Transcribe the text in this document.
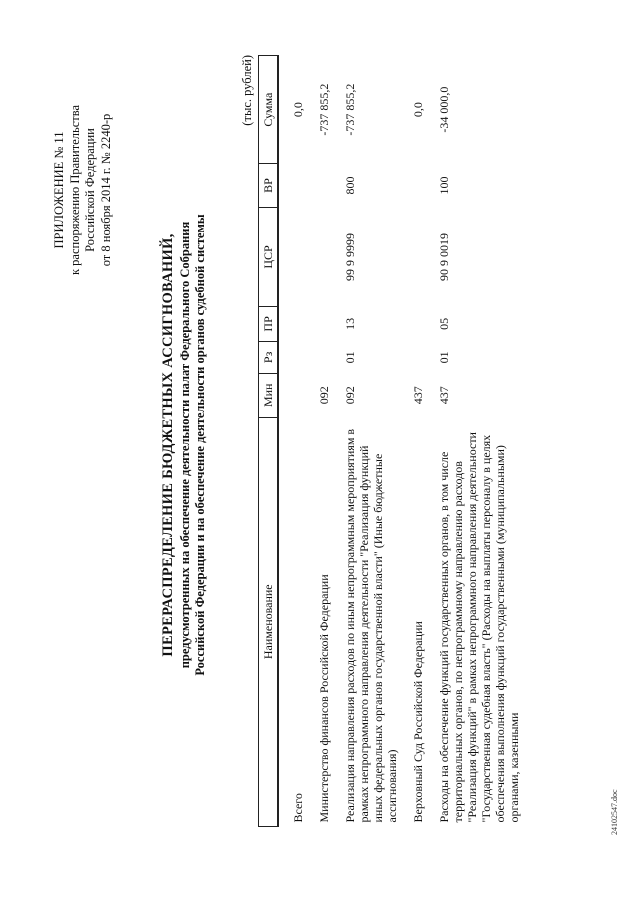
ПРИЛОЖЕНИЕ № 11 к распоряжению Правительства Российской Федерации от 8 ноября 2014 г. № 2240-р
ПЕРЕРАСПРЕДЕЛЕНИЕ БЮДЖЕТНЫХ АССИГНОВАНИЙ, предусмотренных на обеспечение деятельности палат Федерального Собрания Российской Федерации и на обеспечение деятельности органов судебной системы
(тыс. рублей)
Наименование	Мин	Рз	ПР	ЦСР	ВР	Сумма
Всего						0,0
Министерство финансов Российской Федерации	092					-737 855,2
Реализация направления расходов по иным непрограммным мероприятиям в рамках непрограммного направления деятельности "Реализация функций иных федеральных органов государственной власти" (Иные бюджетные ассигнования)	092	01	13	99 9 9999	800	-737 855,2
Верховный Суд Российской Федерации	437					0,0
Расходы на обеспечение функций государственных органов, в том числе территориальных органов, по непрограммному направлению расходов "Реализация функций" в рамках непрограммного направления деятельности "Государственная судебная власть" (Расходы на выплаты персоналу в целях обеспечения выполнения функций государственными (муниципальными) органами, казенными	437	01	05	90 9 0019	100	-34 000,0
24102547.doc
